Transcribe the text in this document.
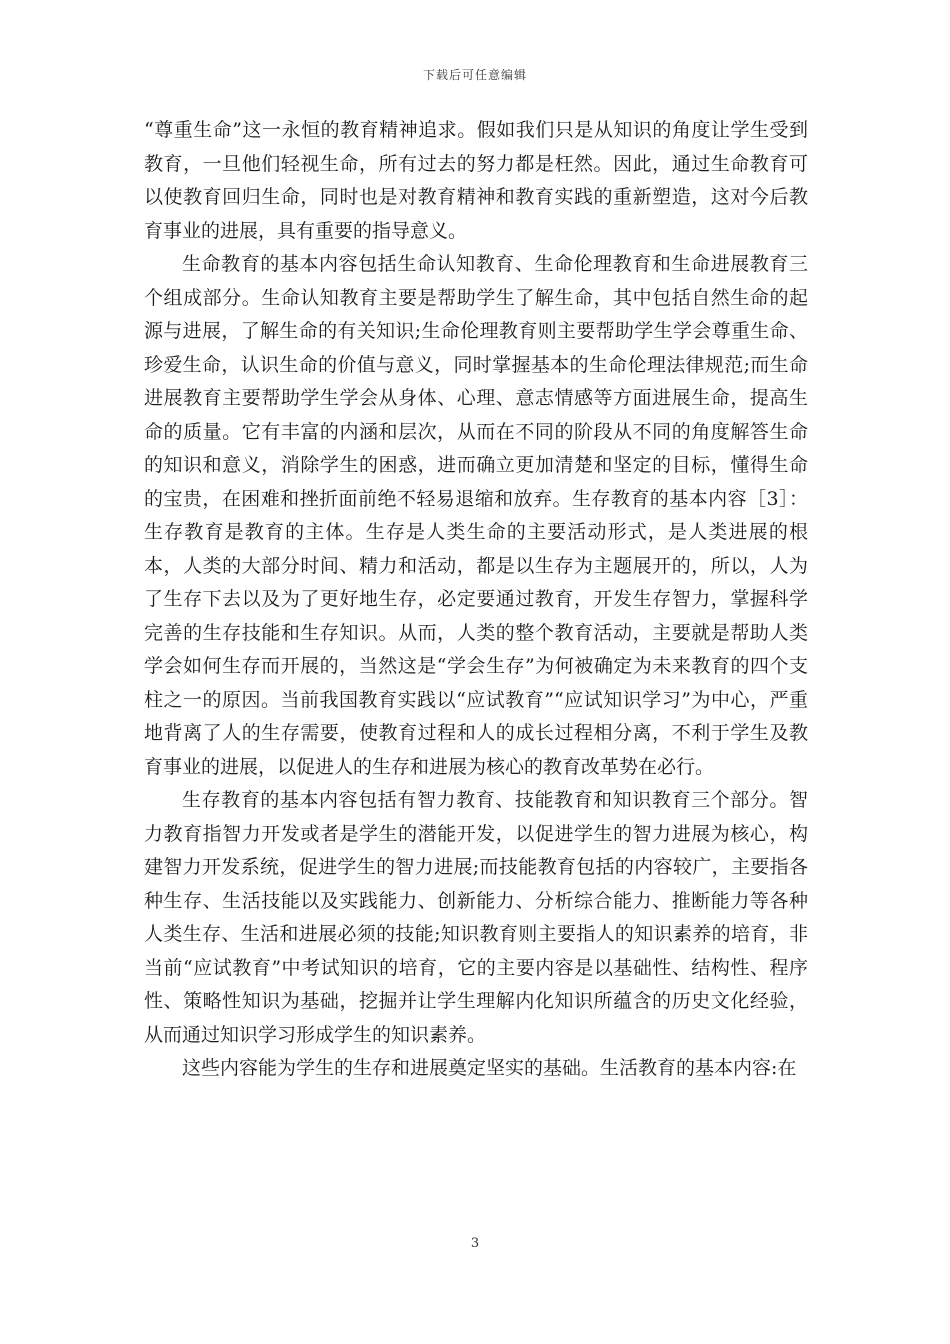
下载后可任意编辑

“尊重生命”这一永恒的教育精神追求。假如我们只是从知识的角度让学生受到教育，一旦他们轻视生命，所有过去的努力都是枉然。因此，通过生命教育可以使教育回归生命，同时也是对教育精神和教育实践的重新塑造，这对今后教育事业的进展，具有重要的指导意义。

生命教育的基本内容包括生命认知教育、生命伦理教育和生命进展教育三个组成部分。生命认知教育主要是帮助学生了解生命，其中包括自然生命的起源与进展，了解生命的有关知识;生命伦理教育则主要帮助学生学会尊重生命、珍爱生命，认识生命的价值与意义，同时掌握基本的生命伦理法律规范;而生命进展教育主要帮助学生学会从身体、心理、意志情感等方面进展生命，提高生命的质量。它有丰富的内涵和层次，从而在不同的阶段从不同的角度解答生命的知识和意义，消除学生的困惑，进而确立更加清楚和坚定的目标，懂得生命的宝贵，在困难和挫折面前绝不轻易退缩和放弃。生存教育的基本内容［3］：生存教育是教育的主体。生存是人类生命的主要活动形式，是人类进展的根本，人类的大部分时间、精力和活动，都是以生存为主题展开的，所以，人为了生存下去以及为了更好地生存，必定要通过教育，开发生存智力，掌握科学完善的生存技能和生存知识。从而，人类的整个教育活动，主要就是帮助人类学会如何生存而开展的，当然这是“学会生存”为何被确定为未来教育的四个支柱之一的原因。当前我国教育实践以“应试教育”“应试知识学习”为中心，严重地背离了人的生存需要，使教育过程和人的成长过程相分离，不利于学生及教育事业的进展，以促进人的生存和进展为核心的教育改革势在必行。

生存教育的基本内容包括有智力教育、技能教育和知识教育三个部分。智力教育指智力开发或者是学生的潜能开发，以促进学生的智力进展为核心，构建智力开发系统，促进学生的智力进展;而技能教育包括的内容较广，主要指各种生存、生活技能以及实践能力、创新能力、分析综合能力、推断能力等各种人类生存、生活和进展必须的技能;知识教育则主要指人的知识素养的培育，非当前“应试教育”中考试知识的培育，它的主要内容是以基础性、结构性、程序性、策略性知识为基础，挖掘并让学生理解内化知识所蕴含的历史文化经验，从而通过知识学习形成学生的知识素养。

这些内容能为学生的生存和进展奠定坚实的基础。生活教育的基本内容:在

3
